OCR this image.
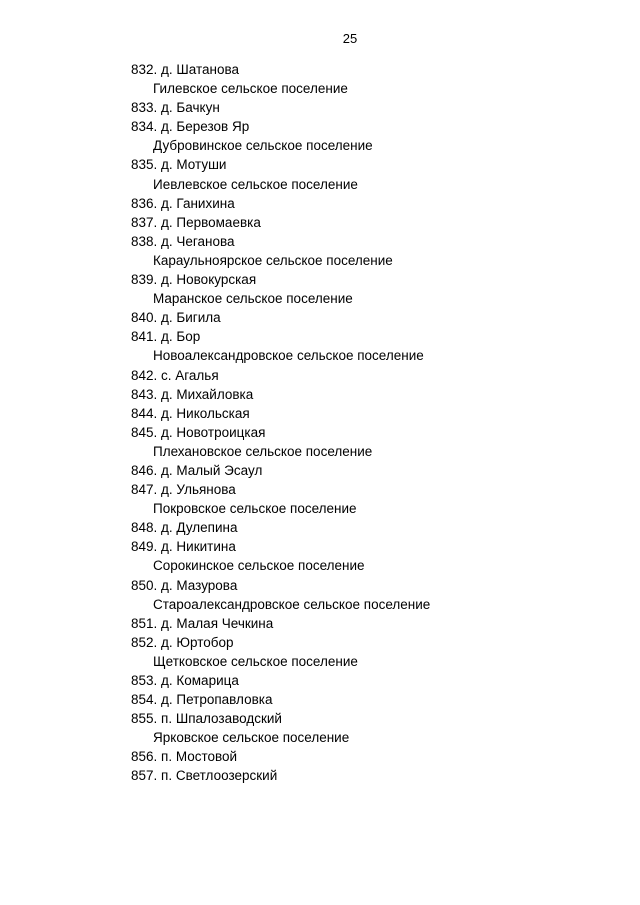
25
832. д. Шатанова
Гилевское сельское поселение
833. д. Бачкун
834. д. Березов Яр
Дубровинское сельское поселение
835. д. Мотуши
Иевлевское сельское поселение
836. д. Ганихина
837. д. Первомаевка
838. д. Чеганова
Караульноярское сельское поселение
839. д. Новокурская
Маранское сельское поселение
840. д. Бигила
841. д. Бор
Новоалександровское сельское поселение
842. с. Агалья
843. д. Михайловка
844. д. Никольская
845. д. Новотроицкая
Плехановское сельское поселение
846. д. Малый Эсаул
847. д. Ульянова
Покровское сельское поселение
848. д. Дулепина
849. д. Никитина
Сорокинское сельское поселение
850. д. Мазурова
Староалександровское сельское поселение
851. д. Малая Чечкина
852. д. Юртобор
Щетковское сельское поселение
853. д. Комарица
854. д. Петропавловка
855. п. Шпалозаводский
Ярковское сельское поселение
856. п. Мостовой
857. п. Светлоозерский
